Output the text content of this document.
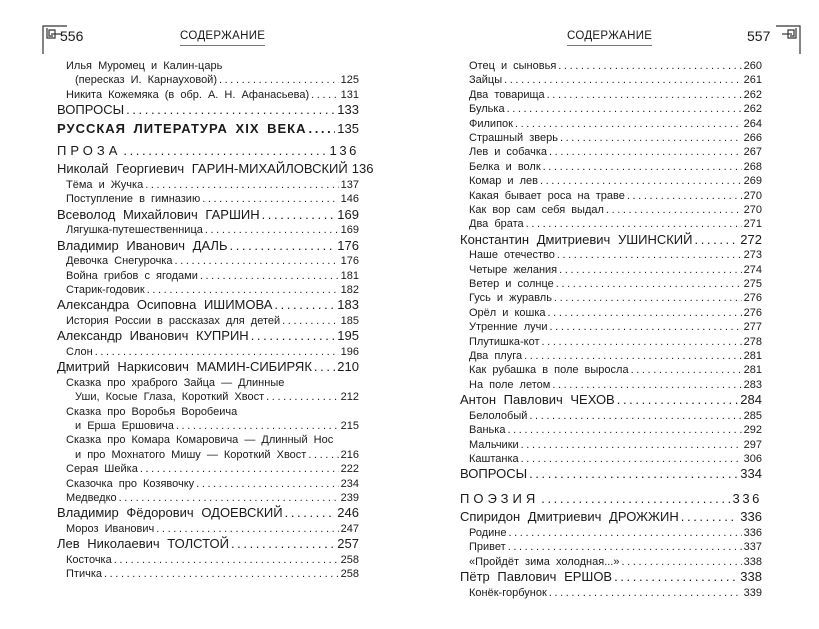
556	СОДЕРЖАНИЕ
Илья Муромец и Калин-царь
(пересказ И. Карнауховой) .....	125
Никита Кожемяка (в обр. А. Н. Афанасьева) .....	131
ВОПРОСЫ .....	133
РУССКАЯ ЛИТЕРАТУРА XIX ВЕКА ..... 135
ПРОЗА .....	136
Николай Георгиевич ГАРИН-МИХАЙЛОВСКИЙ 136
Тёма и Жучка .....	137
Поступление в гимназию .....	146
Всеволод Михайлович ГАРШИН .....	169
Лягушка-путешественница .....	169
Владимир Иванович ДАЛЬ .....	176
Девочка Снегурочка .....	176
Война грибов с ягодами .....	181
Старик-годовик .....	182
Александра Осиповна ИШИМОВА .....	183
История России в рассказах для детей .....	185
Александр Иванович КУПРИН .....	195
Слон .....	196
Дмитрий Наркисович МАМИН-СИБИРЯК ..... 210
Сказка про храброго Зайца — Длинные
Уши, Косые Глаза, Короткий Хвост .....	212
Сказка про Воробья Воробеича
и Ерша Ершовича .....	215
Сказка про Комара Комаровича — Длинный Нос
и про Мохнатого Мишу — Короткий Хвост .....	216
Серая Шейка .....	222
Сказочка про Козявочку .....	234
Медведко .....	239
Владимир Фёдорович ОДОЕВСКИЙ .....	246
Мороз Иванович .....	247
Лев Николаевич ТОЛСТОЙ .....	257
Косточка .....	258
Птичка .....	258
557
СОДЕРЖАНИЕ
Отец и сыновья .....	260
Зайцы .....	261
Два товарища .....	262
Булька .....	262
Филипок .....	264
Страшный зверь .....	266
Лев и собачка .....	267
Белка и волк .....	268
Комар и лев .....	269
Какая бывает роса на траве .....	270
Как вор сам себя выдал .....	270
Два брата .....	271
Константин Дмитриевич УШИНСКИЙ .....	272
Наше отечество .....	273
Четыре желания .....	274
Ветер и солнце .....	275
Гусь и журавль .....	276
Орёл и кошка .....	276
Утренние лучи .....	277
Плутишка-кот .....	278
Два плуга .....	281
Как рубашка в поле выросла .....	281
На поле летом .....	283
Антон Павлович ЧЕХОВ .....	284
Белолобый .....	285
Ванька .....	292
Мальчики .....	297
Каштанка .....	306
ВОПРОСЫ .....	334
ПОЭЗИЯ .....	336
Спиридон Дмитриевич ДРОЖЖИН .....	336
Родине .....	336
Привет .....	337
«Пройдёт зима холодная...» .....	338
Пётр Павлович ЕРШОВ .....	338
Конёк-горбунок .....	339
